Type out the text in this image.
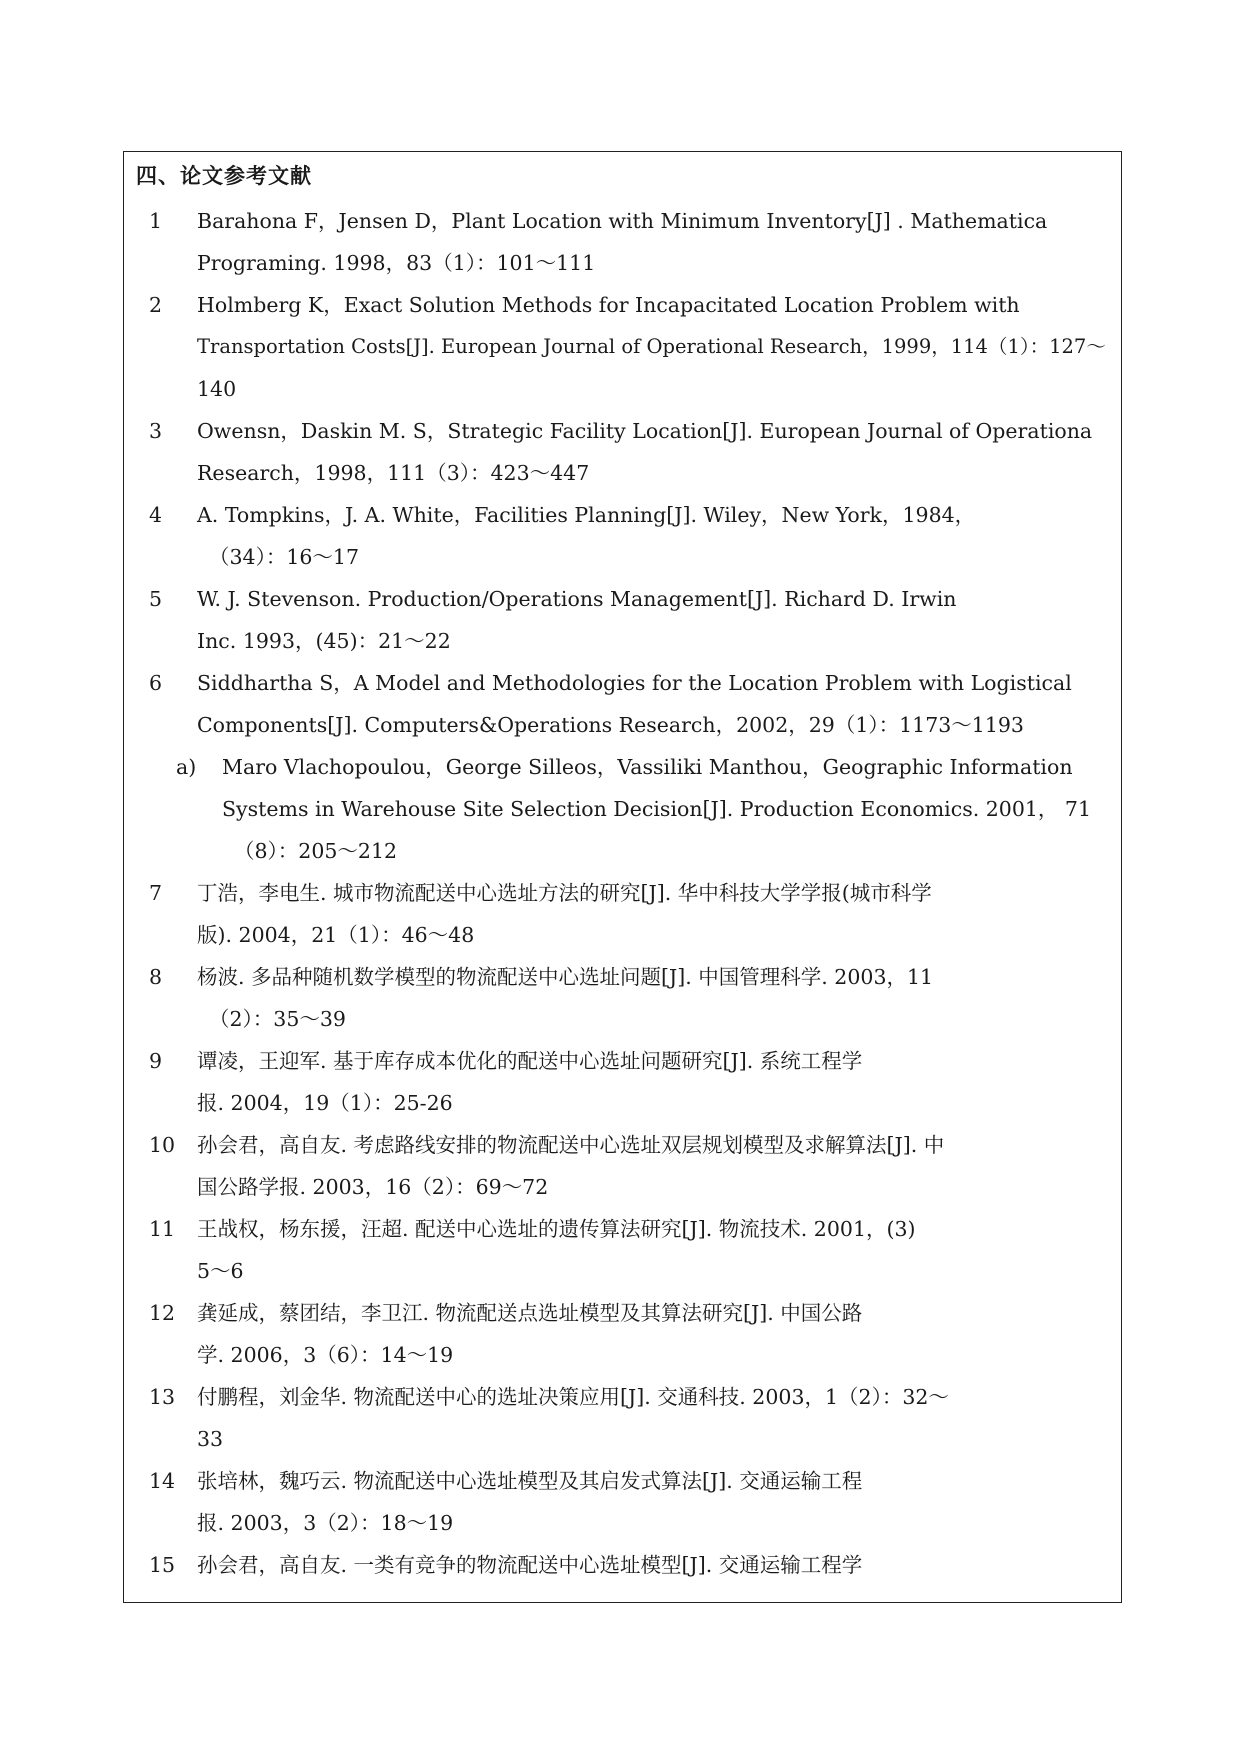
四、论文参考文献
1 Barahona F，Jensen D，Plant Location with Minimum Inventory[J] . Mathematica
Programing. 1998，83（1）：101～111
2 Holmberg K，Exact Solution Methods for Incapacitated Location Problem with
Transportation Costs[J]. European Journal of Operational Research，1999，114（1）：127～
140
3 Owensn，Daskin M. S，Strategic Facility Location[J]. European Journal of Operationa
Research，1998，111（3）：423～447
4 A. Tompkins，J. A. White，Facilities Planning[J]. Wiley，New York，1984，
（34）：16～17
5 W. J. Stevenson. Production/Operations Management[J]. Richard D. Irwin
Inc. 1993，(45)：21～22
6 Siddhartha S，A Model and Methodologies for the Location Problem with Logistical
Components[J]. Computers&Operations Research，2002，29（1）：1173～1193
a) Maro Vlachopoulou，George Silleos，Vassiliki Manthou，Geographic Information
Systems in Warehouse Site Selection Decision[J]. Production Economics. 2001， 71
（8）：205～212
7 丁浩，李电生. 城市物流配送中心选址方法的研究[J]. 华中科技大学学报(城市科学
版). 2004，21（1）：46～48
8 杨波. 多品种随机数学模型的物流配送中心选址问题[J]. 中国管理科学. 2003，11
（2）：35～39
9 谭凌，王迎军. 基于库存成本优化的配送中心选址问题研究[J]. 系统工程学
报. 2004，19（1）：25-26
10 孙会君，高自友. 考虑路线安排的物流配送中心选址双层规划模型及求解算法[J]. 中
国公路学报. 2003，16（2）：69～72
11 王战权，杨东援，汪超. 配送中心选址的遗传算法研究[J]. 物流技术. 2001，(3)
5～6
12 龚延成，蔡团结，李卫江. 物流配送点选址模型及其算法研究[J]. 中国公路
学. 2006，3（6）：14～19
13 付鹏程，刘金华. 物流配送中心的选址决策应用[J]. 交通科技. 2003，1（2）：32～
33
14 张培林，魏巧云. 物流配送中心选址模型及其启发式算法[J]. 交通运输工程
报. 2003，3（2）：18～19
15 孙会君，高自友. 一类有竞争的物流配送中心选址模型[J]. 交通运输工程学
